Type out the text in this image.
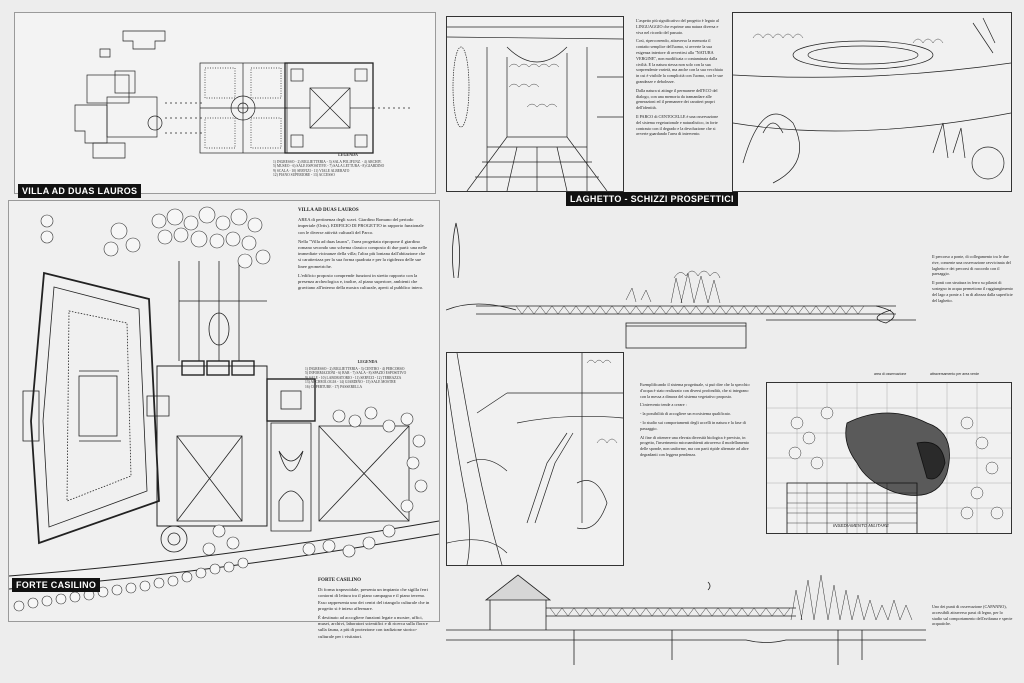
LEGENDA
1) INGRESSO - 2) BIGLIETTERIA - 3) SALA POLIFUNZ. - 4) ARCHIV.
5) MUSEO - 6) SALE ESPOSITIVE - 7) SALA LETTURA - 8) GIARDINO
9) SCALA - 10) SERVIZI - 11) VIALE ALBERATO
12) PIANO SUPERIORE - 13) ACCESSO
VILLA AD DUAS LAUROS
FORTE CASILINO
VILLA AD DUAS LAUROS

AREA di pertinenza degli scavi. Giardino Romano del periodo imperiale (Ortis). EDIFICIO DI PROGETTO in rapporto funzionale con le diverse attività culturali del Parco.

Nella "Villa ad duas lauros", l'area progettata ripropone il giardino romano secondo uno schema classico composto di due parti: una nelle immediate vicinanze della villa; l'altra più lontana dall'abitazione che si caratterizza per la sua forma quadrata e per la rigidezza delle sue linee geometriche.

L'edificio proposto comprende funzioni in stretto rapporto con la presenza archeologica e, inoltre, al piano superiore, ambienti che gravitano all'interno della mostra culturale, aperti al pubblico intero.

LEGENDA
1) INGRESSO - 2) BIGLIETTERIA - 3) CENTRO - 4) PERCORSO
5) INFORMAZIONI - 6) BAR - 7) SALA - 8) SPAZIO ESPOSITIVO
9) SALE - 10) LABORATORIO - 11) SERVIZI - 12) TERRAZZA
13) ARCHEOLOGIA - 14) GIARDINO - 15) SALE MOSTRE
16) COPERTURE - 17) PASSERELLA
FORTE CASILINO

Di forma trapezoidale, presenta un impianto che sigilla ferri contorni di lettura tra il piano campagna e il piano terreno. Esso rappresenta uno dei centri del triangolo culturale che in progetto si è inteso affermare.

È destinato ad accogliere funzioni legate a mostre, uffici, musei, archivi, laboratori scientifici e di ricerca sulla flora e sulla fauna, a più di protezione con tradizione storico-culturale per i visitatori.

L'aspetto più significativo del progetto è legato al LINGUAGGIO che esprime una natura diversa e viva nel ricordo del passato.

Così, ripercorrendo, attraverso la memoria il contatto semplice dell'uomo, si avverte la sua esigenza interiore di avvertirsi alla "NATURA VERGINE", non modificata o contaminata dalla civiltà. E la natura stessa non solo con la sua sorprendente varietà, ma anche con la sua vecchiaia in cui è visibile la complicità con l'uomo, con le sue grandezze e debolezze.

Dalla natura si attinge il permanere dell'ECO del dialogo, con una memoria da tramandare alle generazioni ed il permanere dei caratteri propri dell'identità.

Il PARCO di CENTOCELLE è una osservazione del sistema vegetazionale e naturalistico, in forte contrasto con il degrado e la devoluzione che si avverte guardando l'area di intervento.

LAGHETTO - SCHIZZI PROSPETTICI

Il percorso a ponte, di collegamento tra le due rive, consente una osservazione ravvicinata del laghetto e dei percorsi di raccordo con il paesaggio.

Il ponti con struttura in ferro su pilastri di sostegno in acqua permettono il raggiungimento del lago a ponte a 1 m di altezza dalla superficie del laghetto.

Esemplificando il sistema progettuale, si può dire che la specchio d'acqua è stato realizzato con diversi profondità, che si integrano con la messa a dimora del sistema vegetativo proposto.

L'intervento tende a creare :

- la possibilità di accogliere un ecosistema qualificato.

- lo studio sui comportamenti degli uccelli in natura e la fase di passaggio.

Al fine di ottenere una elevata diversità biologica è previsto, in progetto, l'inserimento microambienti attraverso il modellamento delle sponde, non uniforme, ma con parti ripide alternate ad altre degradanti con leggera pendenza.

INSEDIAMENTO MILITARE
area di osservazione	attraversamento per area verde

Uno dei punti di osservazione (CAPANNO), accessibili attraverso passi di legno, per lo studio sul comportamento dell'avifauna e specie acquatiche.
